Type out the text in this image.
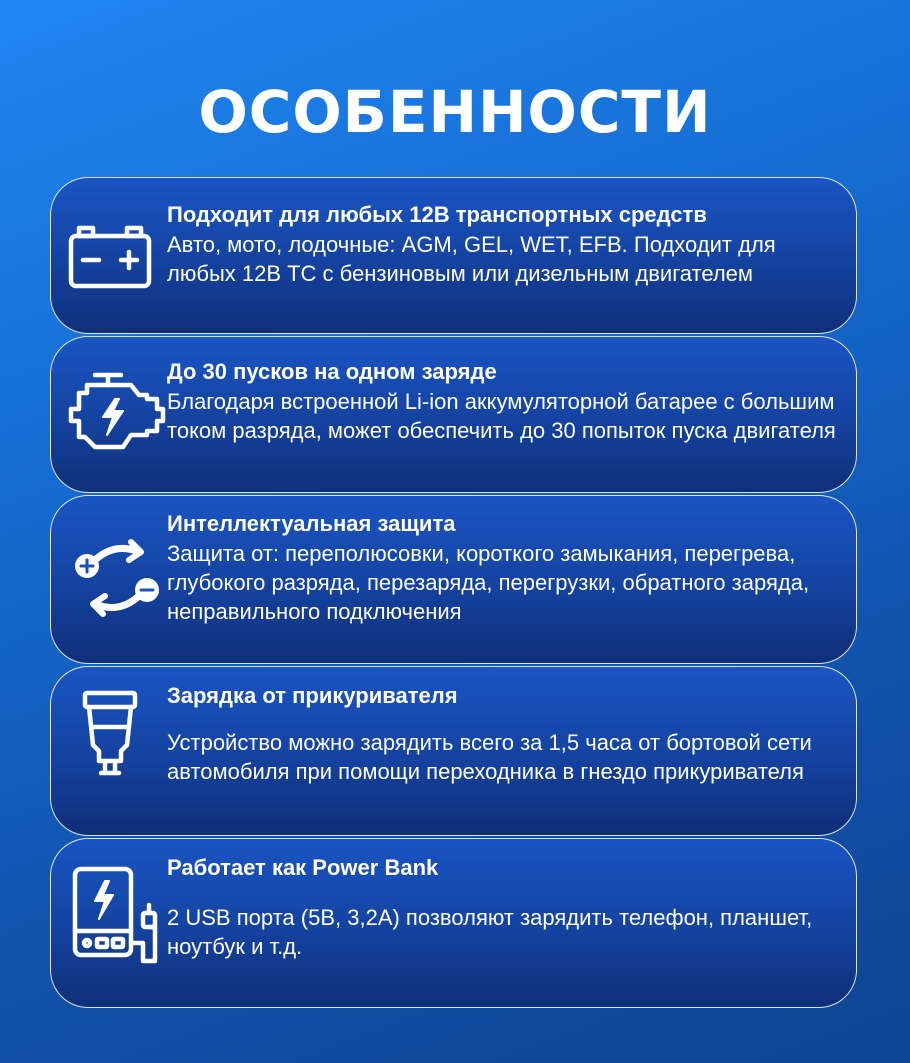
ОСОБЕННОСТИ
Подходит для любых 12В транспортных средств

Авто, мото, лодочные: AGM, GEL, WET, EFB. Подходит для любых 12В ТС с бензиновым или дизельным двигателем

До 30 пусков на одном заряде

Благодаря встроенной Li-ion аккумуляторной батарее с большим током разряда, может обеспечить до 30 попыток пуска двигателя

Интеллектуальная защита

Защита от: переполюсовки, короткого замыкания, перегрева, глубокого разряда, перезаряда, перегрузки, обратного заряда, неправильного подключения

Зарядка от прикуривателя

Устройство можно зарядить всего за 1,5 часа от бортовой сети автомобиля при помощи переходника в гнездо прикуривателя

Работает как Power Bank

2 USB порта (5В, 3,2А) позволяют зарядить телефон, планшет, ноутбук и т.д.
